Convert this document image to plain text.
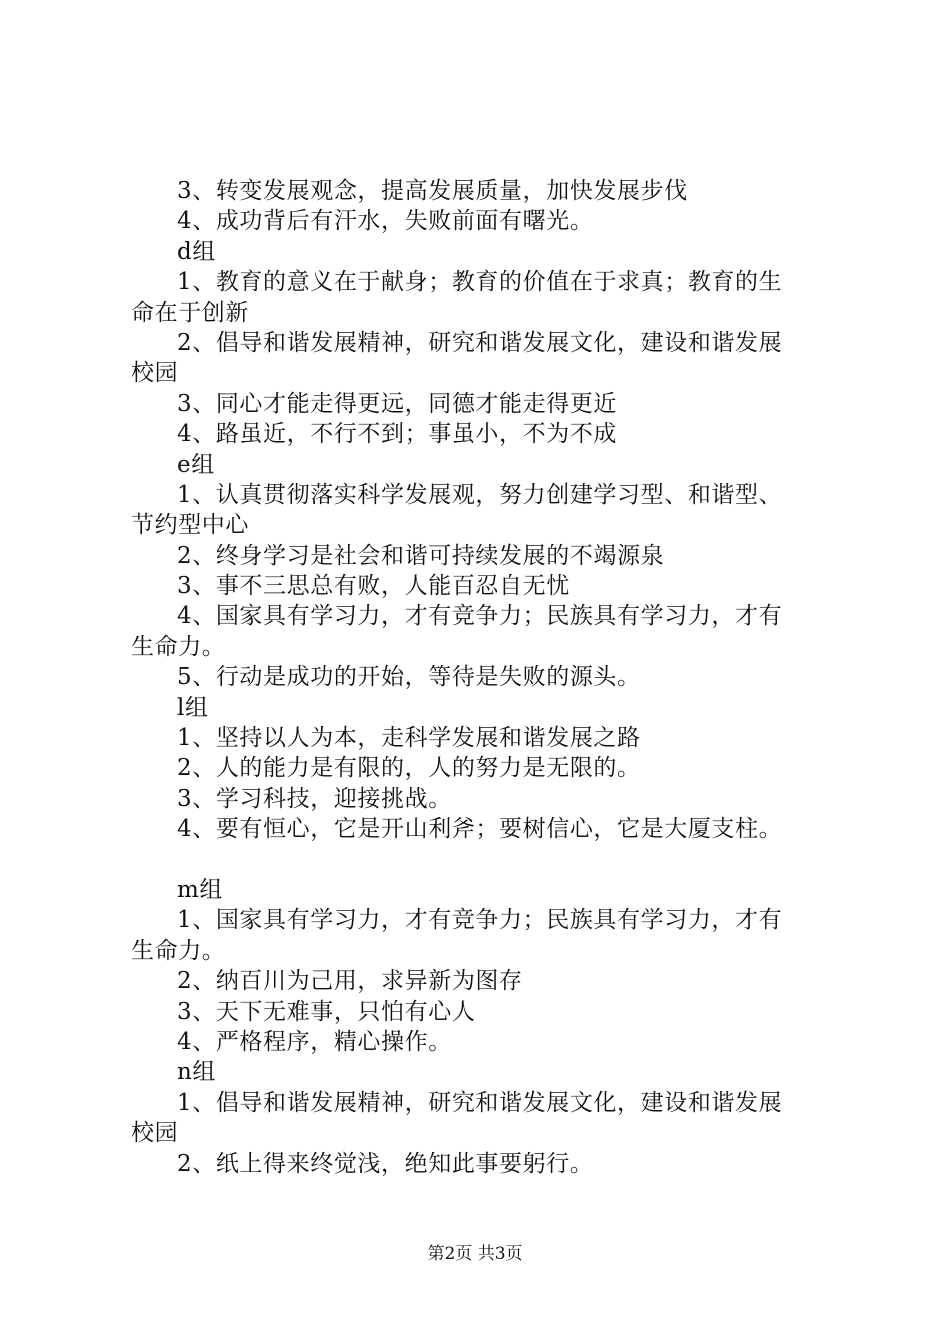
3、转变发展观念，提高发展质量，加快发展步伐
4、成功背后有汗水，失败前面有曙光。
d组
1、教育的意义在于献身；教育的价值在于求真；教育的生
命在于创新
2、倡导和谐发展精神，研究和谐发展文化，建设和谐发展
校园
3、同心才能走得更远，同德才能走得更近
4、路虽近，不行不到；事虽小，不为不成
e组
1、认真贯彻落实科学发展观，努力创建学习型、和谐型、
节约型中心
2、终身学习是社会和谐可持续发展的不竭源泉
3、事不三思总有败，人能百忍自无忧
4、国家具有学习力，才有竞争力；民族具有学习力，才有
生命力。
5、行动是成功的开始，等待是失败的源头。
l组
1、坚持以人为本，走科学发展和谐发展之路
2、人的能力是有限的，人的努力是无限的。
3、学习科技，迎接挑战。
4、要有恒心，它是开山利斧；要树信心，它是大厦支柱。
m组
1、国家具有学习力，才有竞争力；民族具有学习力，才有
生命力。
2、纳百川为己用，求异新为图存
3、天下无难事，只怕有心人
4、严格程序，精心操作。
n组
1、倡导和谐发展精神，研究和谐发展文化，建设和谐发展
校园
2、纸上得来终觉浅，绝知此事要躬行。
第2页 共3页
